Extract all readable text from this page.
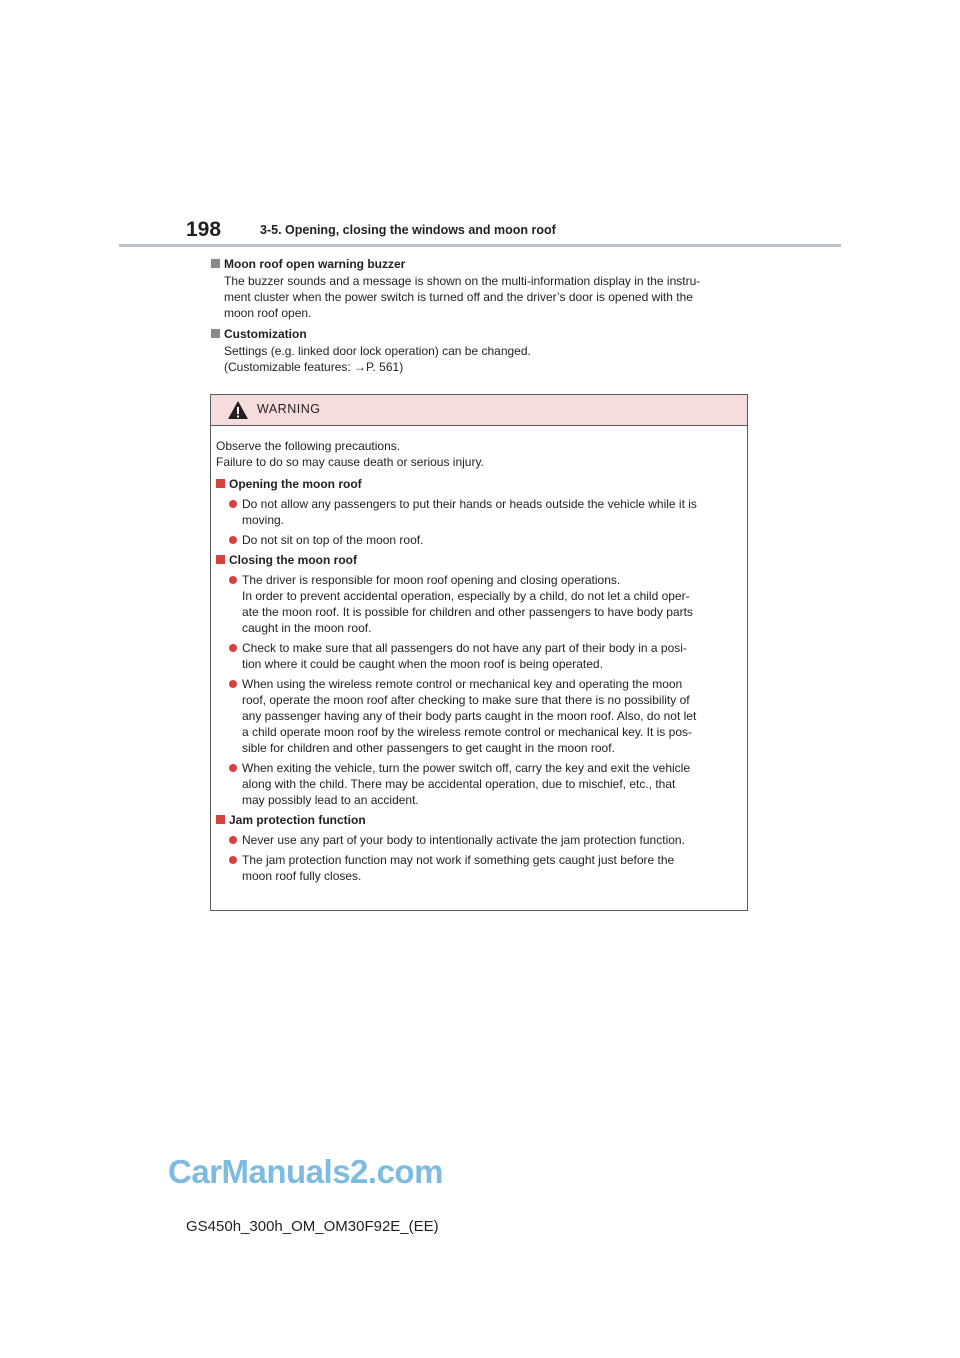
198	3-5. Opening, closing the windows and moon roof
Moon roof open warning buzzer
The buzzer sounds and a message is shown on the multi-information display in the instru-
ment cluster when the power switch is turned off and the driver’s door is opened with the
moon roof open.
Customization
Settings (e.g. linked door lock operation) can be changed.
(Customizable features: →P. 561)
WARNING
Observe the following precautions.
Failure to do so may cause death or serious injury.
Opening the moon roof
Do not allow any passengers to put their hands or heads outside the vehicle while it is
moving.
Do not sit on top of the moon roof.
Closing the moon roof
The driver is responsible for moon roof opening and closing operations.
In order to prevent accidental operation, especially by a child, do not let a child oper-
ate the moon roof. It is possible for children and other passengers to have body parts
caught in the moon roof.
Check to make sure that all passengers do not have any part of their body in a posi-
tion where it could be caught when the moon roof is being operated.
When using the wireless remote control or mechanical key and operating the moon
roof, operate the moon roof after checking to make sure that there is no possibility of
any passenger having any of their body parts caught in the moon roof. Also, do not let
a child operate moon roof by the wireless remote control or mechanical key. It is pos-
sible for children and other passengers to get caught in the moon roof.
When exiting the vehicle, turn the power switch off, carry the key and exit the vehicle
along with the child. There may be accidental operation, due to mischief, etc., that
may possibly lead to an accident.
Jam protection function
Never use any part of your body to intentionally activate the jam protection function.
The jam protection function may not work if something gets caught just before the
moon roof fully closes.
CarManuals2.com
GS450h_300h_OM_OM30F92E_(EE)
